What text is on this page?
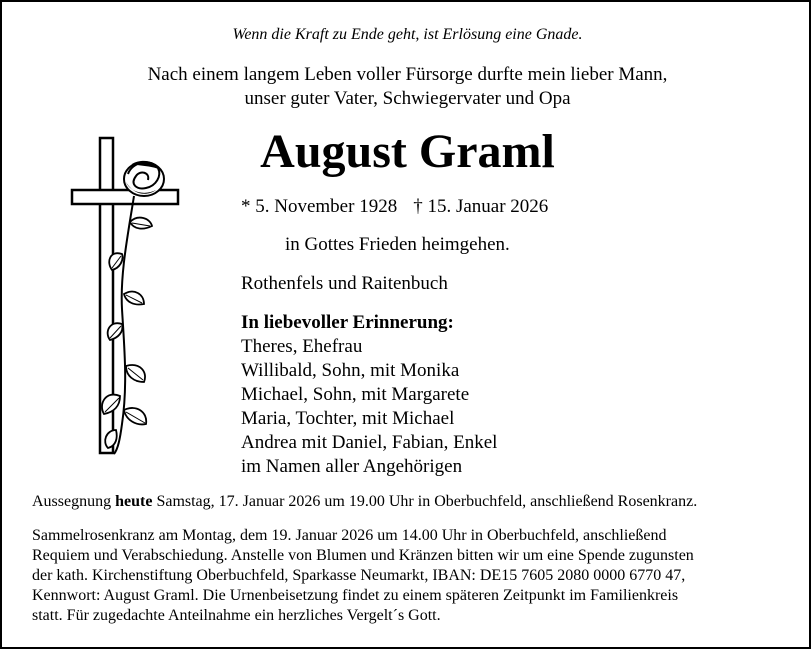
Wenn die Kraft zu Ende geht, ist Erlösung eine Gnade.
Nach einem langem Leben voller Fürsorge durfte mein lieber Mann,
unser guter Vater, Schwiegervater und Opa
August Graml
* 5. November 1928 † 15. Januar 2026
in Gottes Frieden heimgehen.
Rothenfels und Raitenbuch
In liebevoller Erinnerung:
Theres, Ehefrau
Willibald, Sohn, mit Monika
Michael, Sohn, mit Margarete
Maria, Tochter, mit Michael
Andrea mit Daniel, Fabian, Enkel
im Namen aller Angehörigen
Aussegnung heute Samstag, 17. Januar 2026 um 19.00 Uhr in Oberbuchfeld, anschließend Rosenkranz.
Sammelrosenkranz am Montag, dem 19. Januar 2026 um 14.00 Uhr in Oberbuchfeld, anschließend
Requiem und Verabschiedung. Anstelle von Blumen und Kränzen bitten wir um eine Spende zugunsten
der kath. Kirchenstiftung Oberbuchfeld, Sparkasse Neumarkt, IBAN: DE15 7605 2080 0000 6770 47,
Kennwort: August Graml. Die Urnenbeisetzung findet zu einem späteren Zeitpunkt im Familienkreis
statt. Für zugedachte Anteilnahme ein herzliches Vergelt´s Gott.
